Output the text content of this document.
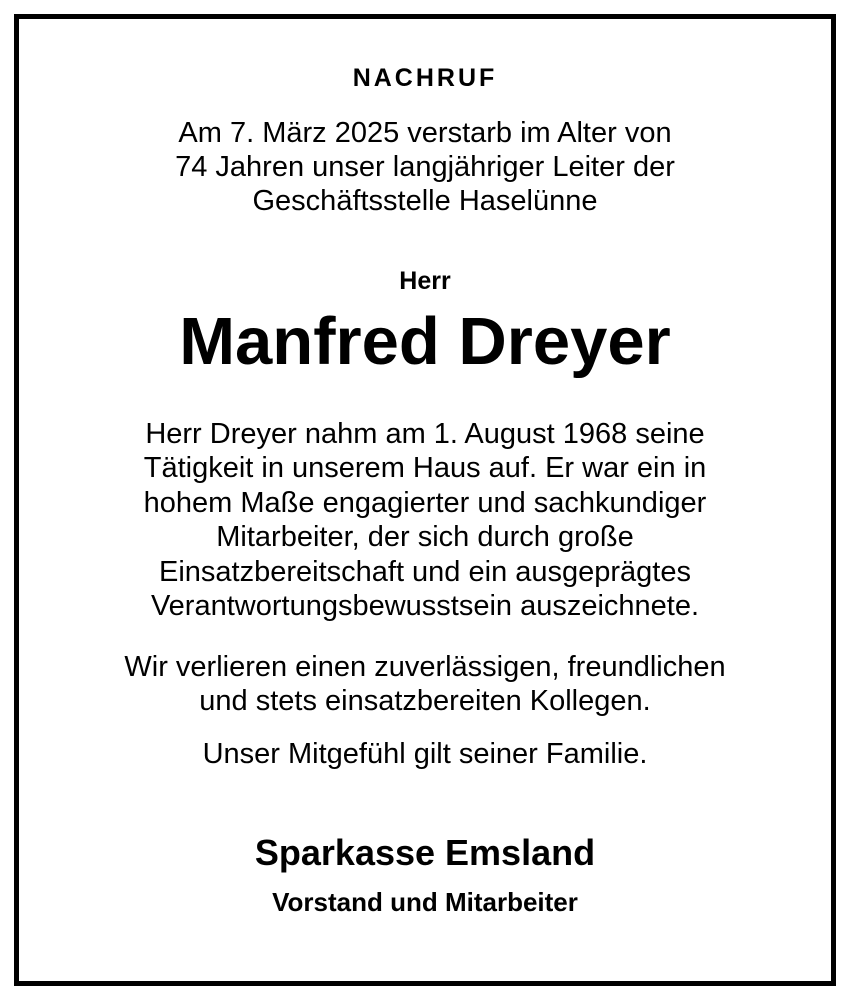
NACHRUF
Am 7. März 2025 verstarb im Alter von
74 Jahren unser langjähriger Leiter der
Geschäftsstelle Haselünne
Herr
Manfred Dreyer
Herr Dreyer nahm am 1. August 1968 seine
Tätigkeit in unserem Haus auf. Er war ein in
hohem Maße engagierter und sachkundiger
Mitarbeiter, der sich durch große
Einsatzbereitschaft und ein ausgeprägtes
Verantwortungsbewusstsein auszeichnete.
Wir verlieren einen zuverlässigen, freundlichen
und stets einsatzbereiten Kollegen.
Unser Mitgefühl gilt seiner Familie.
Sparkasse Emsland
Vorstand und Mitarbeiter
